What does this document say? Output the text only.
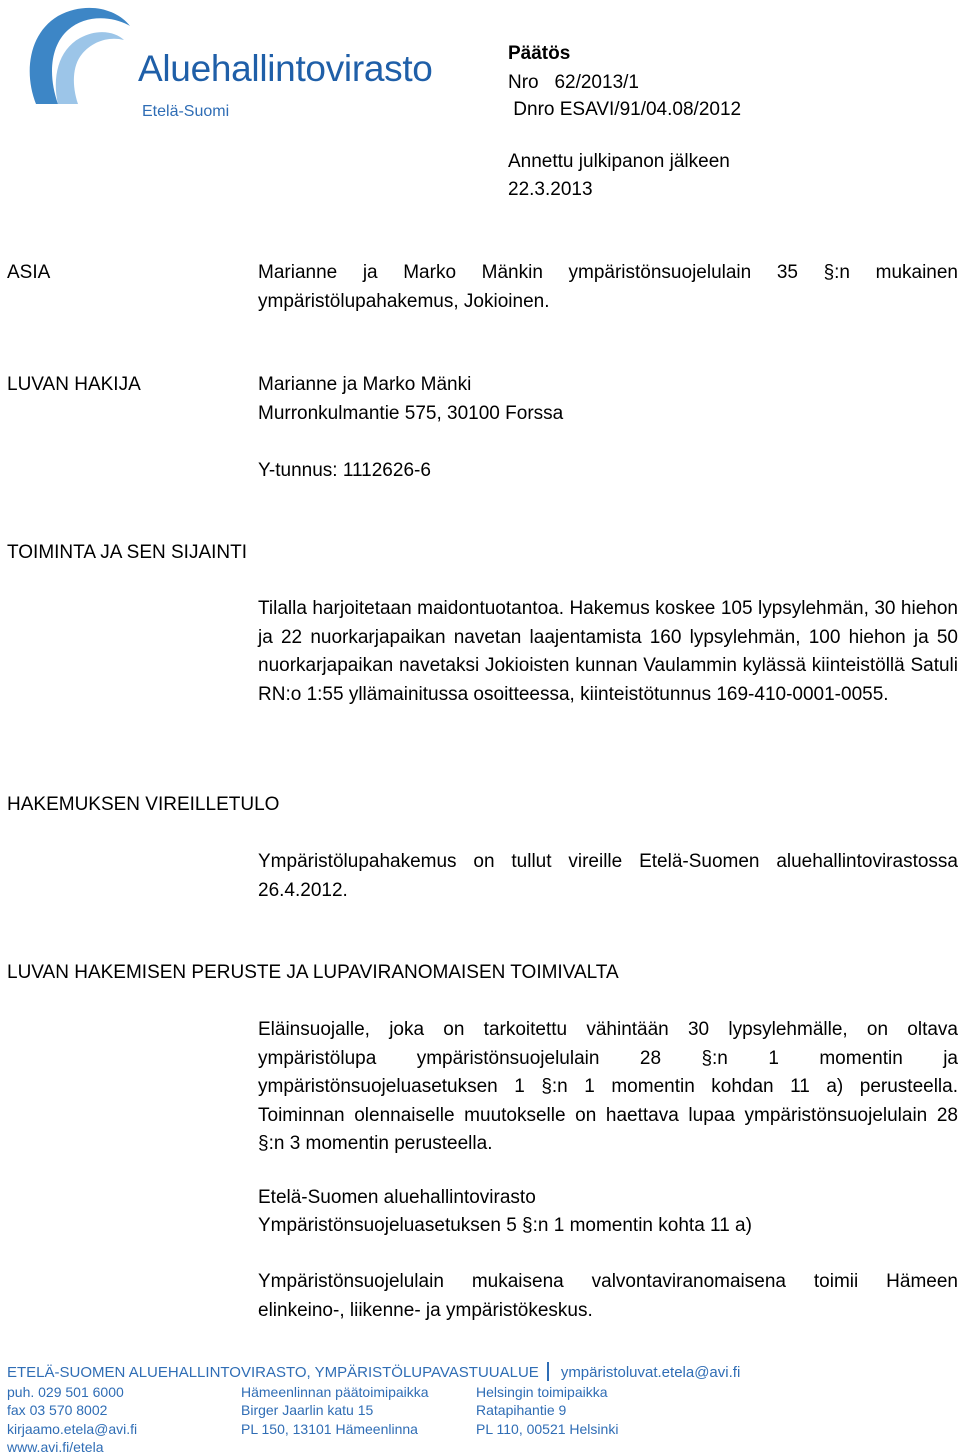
Aluehallintovirasto
Etelä-Suomi
Päätös
Nro   62/2013/1
Dnro ESAVI/91/04.08/2012
Annettu julkipanon jälkeen
22.3.2013
ASIA	Marianne ja Marko Mänkin ympäristönsuojelulain 35 §:n mukainen ympäristölupahakemus, Jokioinen.
LUVAN HAKIJA	Marianne ja Marko Mänki
Murronkulmantie 575, 30100 Forssa
Y-tunnus: 1112626-6
TOIMINTA JA SEN SIJAINTI
Tilalla harjoitetaan maidontuotantoa. Hakemus koskee 105 lypsylehmän, 30 hiehon ja 22 nuorkarjapaikan navetan laajentamista 160 lypsylehmän, 100 hiehon ja 50 nuorkarjapaikan navetaksi Jokioisten kunnan Vaulammin kylässä kiinteistöllä Satuli RN:o 1:55 yllämainitussa osoitteessa, kiinteistötunnus 169-410-0001-0055.
HAKEMUKSEN VIREILLETULO
Ympäristölupahakemus on tullut vireille Etelä-Suomen aluehallintovirastossa 26.4.2012.
LUVAN HAKEMISEN PERUSTE JA LUPAVIRANOMAISEN TOIMIVALTA
Eläinsuojalle, joka on tarkoitettu vähintään 30 lypsylehmälle, on oltava ympäristölupa ympäristönsuojelulain 28 §:n 1 momentin ja ympäristönsuojeluasetuksen 1 §:n 1 momentin kohdan 11 a) perusteella. Toiminnan olennaiselle muutokselle on haettava lupaa ympäristönsuojelulain 28 §:n 3 momentin perusteella.
Etelä-Suomen aluehallintovirasto
Ympäristönsuojeluasetuksen 5 §:n 1 momentin kohta 11 a)
Ympäristönsuojelulain mukaisena valvontaviranomaisena toimii Hämeen elinkeino-, liikenne- ja ympäristökeskus.
ETELÄ-SUOMEN ALUEHALLINTOVIRASTO, YMPÄRISTÖLUPAVASTUUALUE ympäristoluvat.etela@avi.fi
puh. 029 501 6000
fax 03 570 8002
kirjaamo.etela@avi.fi
www.avi.fi/etela
Hämeenlinnan päätoimipaikka
Birger Jaarlin katu 15
PL 150, 13101 Hämeenlinna
Helsingin toimipaikka
Ratapihantie 9
PL 110, 00521 Helsinki
